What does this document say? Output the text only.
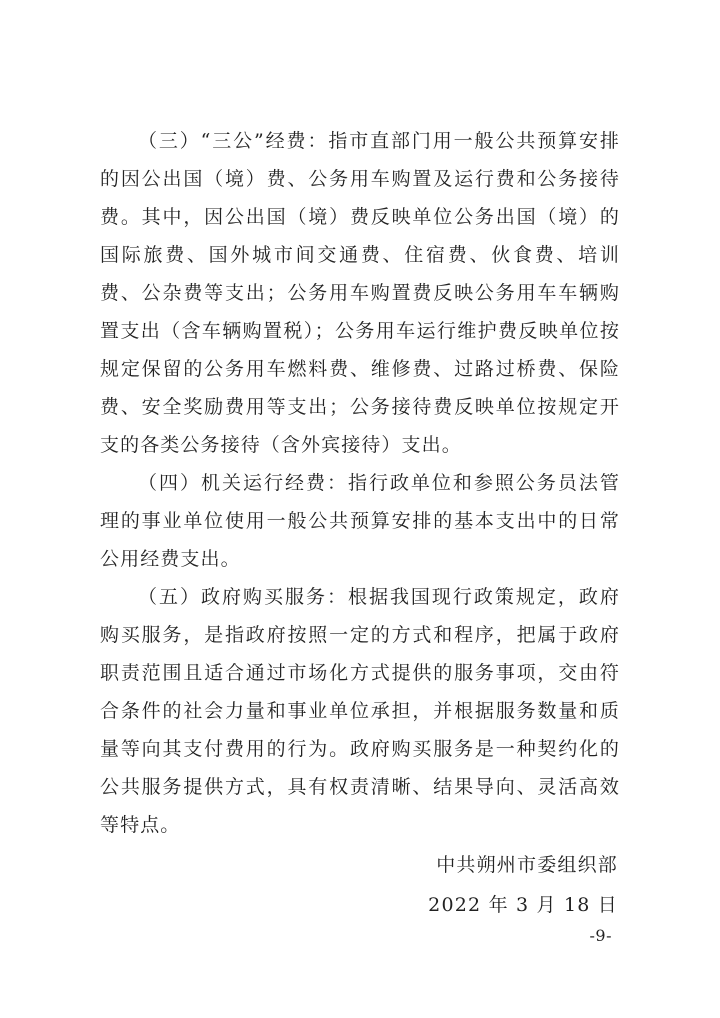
（三）“三公”经费：指市直部门用一般公共预算安排的因公出国（境）费、公务用车购置及运行费和公务接待费。其中，因公出国（境）费反映单位公务出国（境）的国际旅费、国外城市间交通费、住宿费、伙食费、培训费、公杂费等支出；公务用车购置费反映公务用车车辆购置支出（含车辆购置税）；公务用车运行维护费反映单位按规定保留的公务用车燃料费、维修费、过路过桥费、保险费、安全奖励费用等支出；公务接待费反映单位按规定开支的各类公务接待（含外宾接待）支出。

（四）机关运行经费：指行政单位和参照公务员法管理的事业单位使用一般公共预算安排的基本支出中的日常公用经费支出。

（五）政府购买服务：根据我国现行政策规定，政府购买服务，是指政府按照一定的方式和程序，把属于政府职责范围且适合通过市场化方式提供的服务事项，交由符合条件的社会力量和事业单位承担，并根据服务数量和质量等向其支付费用的行为。政府购买服务是一种契约化的公共服务提供方式，具有权责清晰、结果导向、灵活高效等特点。

中共朔州市委组织部
2022 年 3 月 18 日
-9-
